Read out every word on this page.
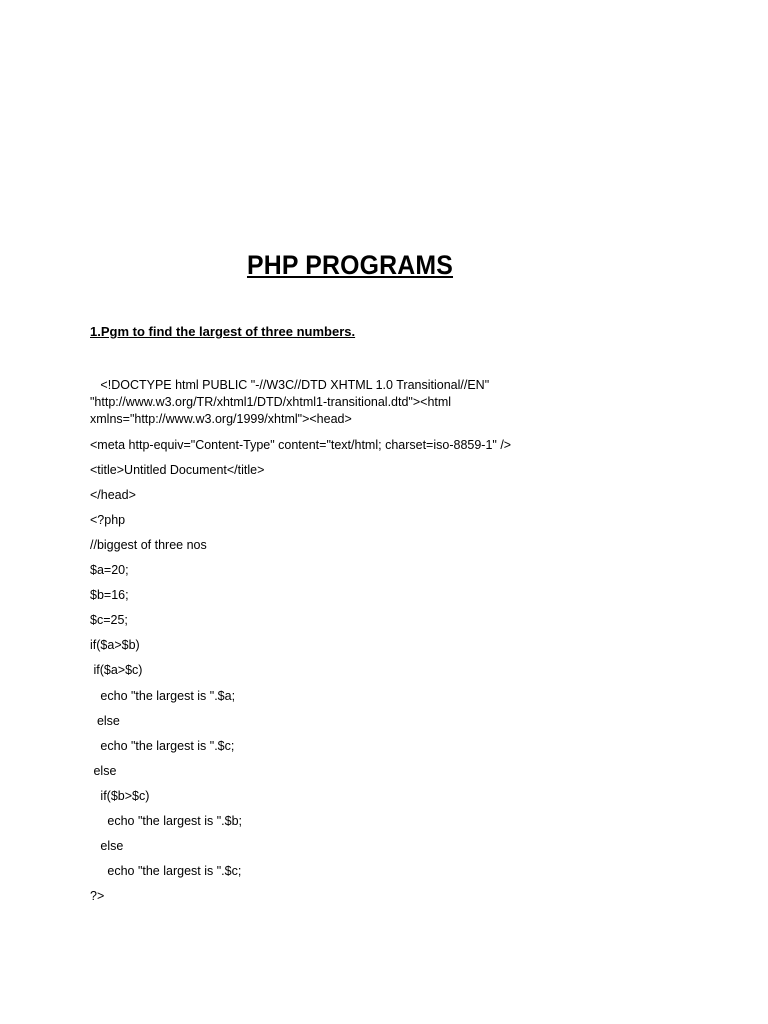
PHP PROGRAMS
1.Pgm to find the largest of three numbers.
<!DOCTYPE html PUBLIC "-//W3C//DTD XHTML 1.0 Transitional//EN"
"http://www.w3.org/TR/xhtml1/DTD/xhtml1-transitional.dtd"><html
xmlns="http://www.w3.org/1999/xhtml"><head>
<meta http-equiv="Content-Type" content="text/html; charset=iso-8859-1" />
<title>Untitled Document</title>
</head>
<?php
//biggest of three nos
$a=20;
$b=16;
$c=25;
if($a>$b)
if($a>$c)
echo "the largest is ".$a;
else
echo "the largest is ".$c;
else
if($b>$c)
echo "the largest is ".$b;
else
echo "the largest is ".$c;
?>
